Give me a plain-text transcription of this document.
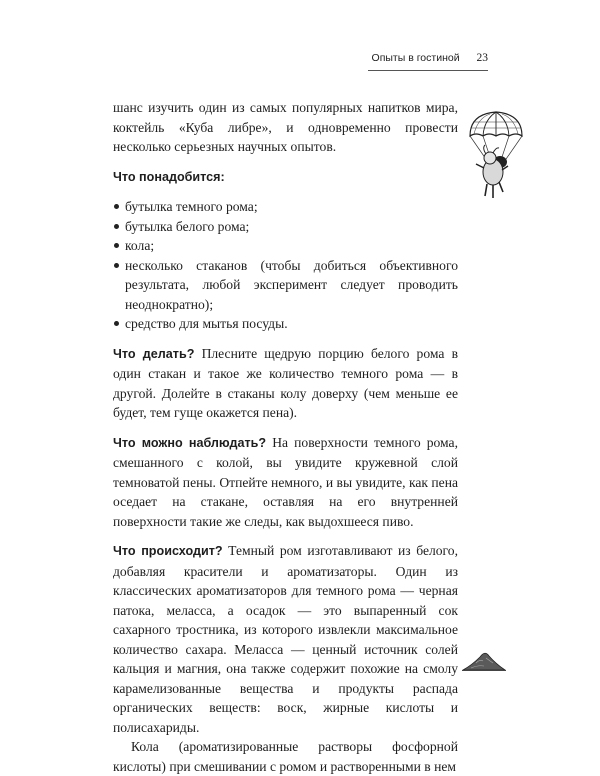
Опыты в гостиной 23

шанс изучить один из самых популярных напитков мира, коктейль «Куба либре», и одновременно провести несколько серьезных научных опытов.

Что понадобится:

бутылка темного рома;
бутылка белого рома;
кола;
несколько стаканов (чтобы добиться объективного результата, любой эксперимент следует проводить неоднократно);
средство для мытья посуды.

Что делать? Плесните щедрую порцию белого рома в один стакан и такое же количество темного рома — в другой. Долейте в стаканы колу доверху (чем меньше ее будет, тем гуще окажется пена).

Что можно наблюдать? На поверхности темного рома, смешанного с колой, вы увидите кружевной слой темноватой пены. Отпейте немного, и вы увидите, как пена оседает на стакане, оставляя на его внутренней поверхности такие же следы, как выдохшееся пиво.

Что происходит? Темный ром изготавливают из белого, добавляя красители и ароматизаторы. Один из классических ароматизаторов для темного рома — черная патока, меласса, а осадок — это выпаренный сок сахарного тростника, из которого извлекли максимальное количество сахара. Меласса — ценный источник солей кальция и магния, она также содержит похожие на смолу карамелизованные вещества и продукты распада органических веществ: воск, жирные кислоты и полисахариды.

Кола (ароматизированные растворы фосфорной кислоты) при смешивании с ромом и растворенными в нем
